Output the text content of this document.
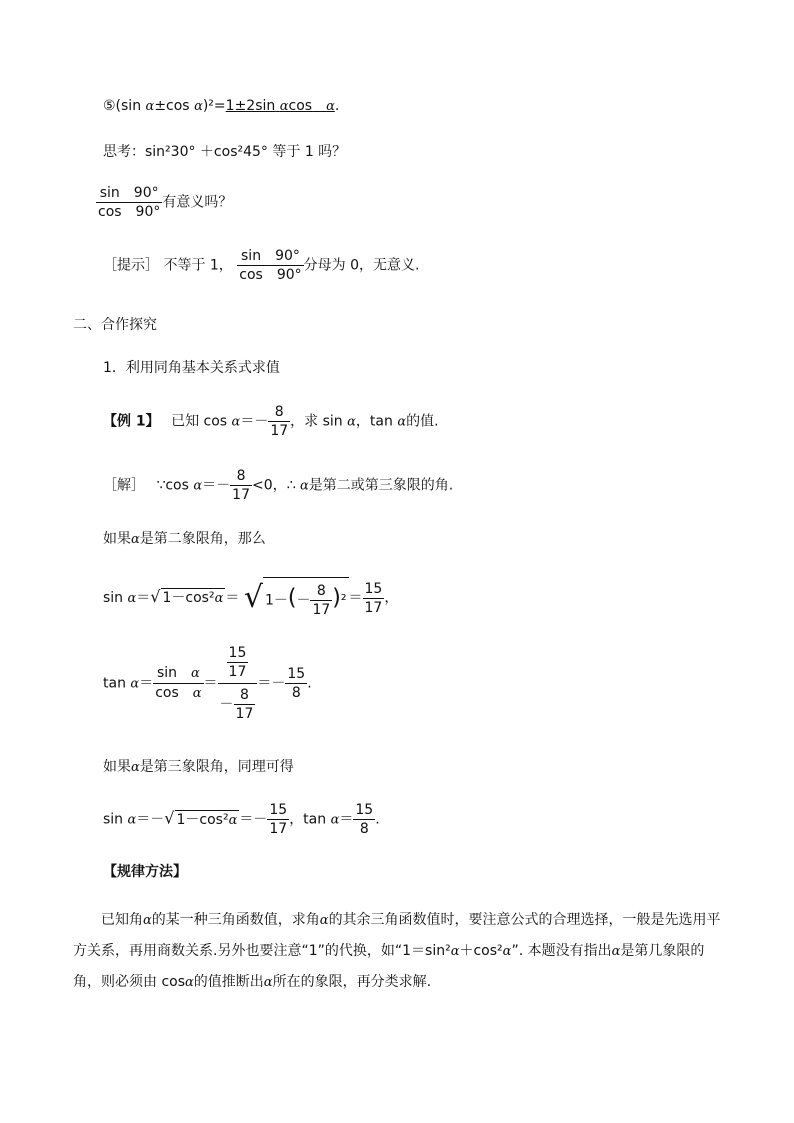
⑤(sin α±cos α)²=1±2sin αcos　 α.
思考：sin²30° ＋cos²45° 等于 1 吗？
$\frac{\sin 90^\circ}{\cos 90^\circ}$ 有意义吗？
［提示］ 不等于 1， $\frac{\sin 90^\circ}{\cos 90^\circ}$ 分母为 0，无意义.
二、合作探究
1．利用同角基本关系式求值
【例 1】　 已知 $\cos \alpha=- \frac{8}{17}$ ，求 sin α，tan α的值.
［解］　 ∵cos $\alpha=- \frac{8}{17} <0$，∴ α是第二或第三象限的角.
如果α是第二象限角，那么
sin α＝√ 1－cos²α ＝ √ $1-(- \frac{8}{17} )^2 = \frac{15}{17}$ ，
$\tan \alpha= \frac{\text{sin　 α}}{\text{cos　 α}} = \frac{\frac{15}{17}}{- \frac{8}{17}} =- \frac{15}{8}$ .
如果α是第三象限角，同理可得
sin α＝－√ $1-\cos^2\alpha =- \frac{15}{17}$ ，$\tan \alpha= \frac{15}{8}$ .
【规律方法】
已知角α的某一种三角函数值，求角α的其余三角函数值时，要注意公式的合理选择，一般是先选用平方关系，再用商数关系.另外也要注意“1”的代换，如“1＝sin²α＋cos²α”. 本题没有指出α是第几象限的角，则必须由 cosα的值推断出α所在的象限，再分类求解.
